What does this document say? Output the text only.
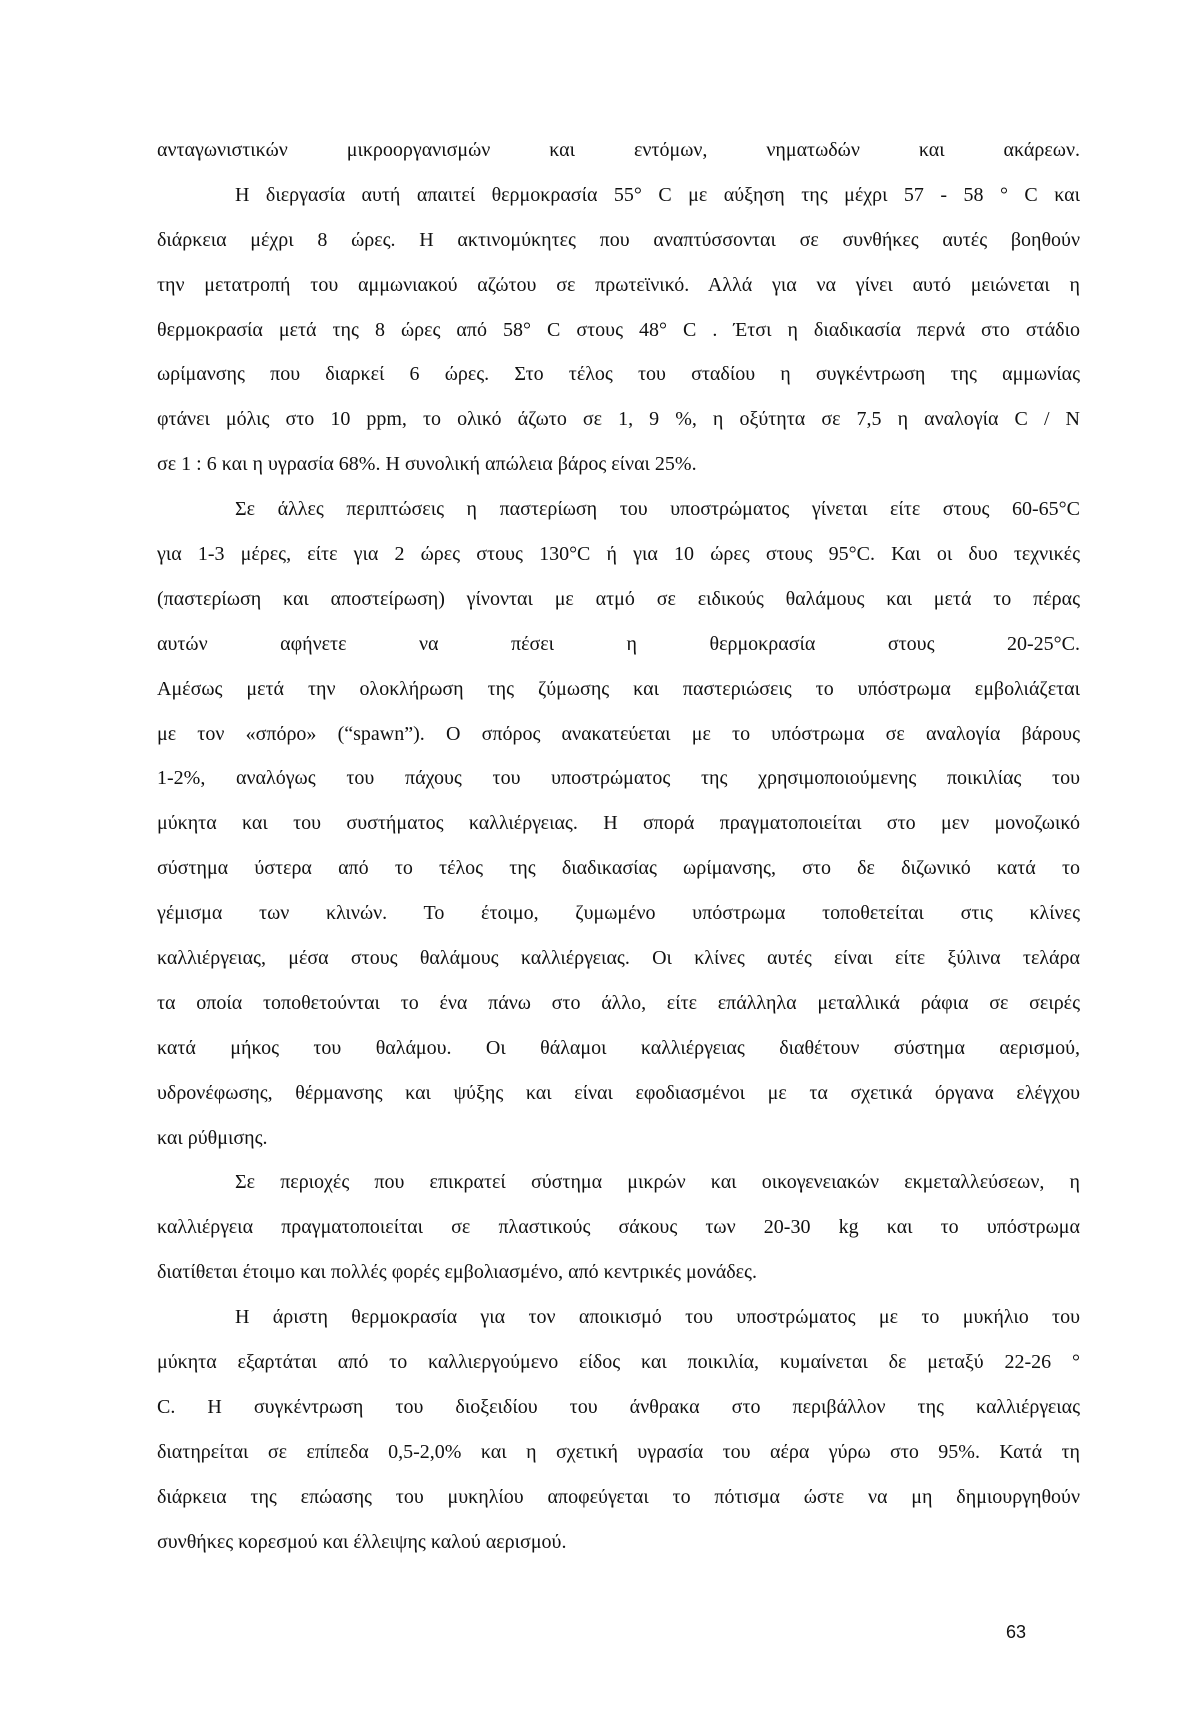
ανταγωνιστικών μικροοργανισμών και εντόμων, νηματωδών και ακάρεων.
Η διεργασία αυτή απαιτεί θερμοκρασία 55° C με αύξηση της μέχρι 57 - 58 ° C και
διάρκεια μέχρι 8 ώρες. Η ακτινομύκητες που αναπτύσσονται σε συνθήκες αυτές βοηθούν
την μετατροπή του αμμωνιακού αζώτου σε πρωτεϊνικό. Αλλά για να γίνει αυτό μειώνεται η
θερμοκρασία μετά της 8 ώρες από 58° C στους 48° C . Έτσι η διαδικασία περνά στο στάδιο
ωρίμανσης που διαρκεί 6 ώρες. Στο τέλος του σταδίου η συγκέντρωση της αμμωνίας
φτάνει μόλις στο 10 ppm, το ολικό άζωτο σε 1, 9 %, η οξύτητα σε 7,5 η αναλογία C / N
σε 1 : 6 και η υγρασία 68%. Η συνολική απώλεια βάρος είναι 25%.
Σε άλλες περιπτώσεις η παστερίωση του υποστρώματος γίνεται είτε στους 60-65°C
για 1-3 μέρες, είτε για 2 ώρες στους 130°C ή για 10 ώρες στους 95°C. Και οι δυο τεχνικές
(παστερίωση και αποστείρωση) γίνονται με ατμό σε ειδικούς θαλάμους και μετά το πέρας
αυτών αφήνετε να πέσει η θερμοκρασία στους 20-25°C.
Αμέσως μετά την ολοκλήρωση της ζύμωσης και παστεριώσεις το υπόστρωμα εμβολιάζεται
με τον «σπόρο» (“spawn”). Ο σπόρος ανακατεύεται με το υπόστρωμα σε αναλογία βάρους
1-2%, αναλόγως του πάχους του υποστρώματος της χρησιμοποιούμενης ποικιλίας του
μύκητα και του συστήματος καλλιέργειας. Η σπορά πραγματοποιείται στο μεν μονοζωικό
σύστημα ύστερα από το τέλος της διαδικασίας ωρίμανσης, στο δε διζωνικό κατά το
γέμισμα των κλινών. Το έτοιμο, ζυμωμένο υπόστρωμα τοποθετείται στις κλίνες
καλλιέργειας, μέσα στους θαλάμους καλλιέργειας. Οι κλίνες αυτές είναι είτε ξύλινα τελάρα
τα οποία τοποθετούνται το ένα πάνω στο άλλο, είτε επάλληλα μεταλλικά ράφια σε σειρές
κατά μήκος του θαλάμου. Οι θάλαμοι καλλιέργειας διαθέτουν σύστημα αερισμού,
υδρονέφωσης, θέρμανσης και ψύξης και είναι εφοδιασμένοι με τα σχετικά όργανα ελέγχου
και ρύθμισης.
Σε περιοχές που επικρατεί σύστημα μικρών και οικογενειακών εκμεταλλεύσεων, η
καλλιέργεια πραγματοποιείται σε πλαστικούς σάκους των 20-30 kg και το υπόστρωμα
διατίθεται έτοιμο και πολλές φορές εμβολιασμένο, από κεντρικές μονάδες.
Η άριστη θερμοκρασία για τον αποικισμό του υποστρώματος με το μυκήλιο του
μύκητα εξαρτάται από το καλλιεργούμενο είδος και ποικιλία, κυμαίνεται δε μεταξύ 22-26 °
C. Η συγκέντρωση του διοξειδίου του άνθρακα στο περιβάλλον της καλλιέργειας
διατηρείται σε επίπεδα 0,5-2,0% και η σχετική υγρασία του αέρα γύρω στο 95%. Κατά τη
διάρκεια της επώασης του μυκηλίου αποφεύγεται το πότισμα ώστε να μη δημιουργηθούν
συνθήκες κορεσμού και έλλειψης καλού αερισμού.
63
